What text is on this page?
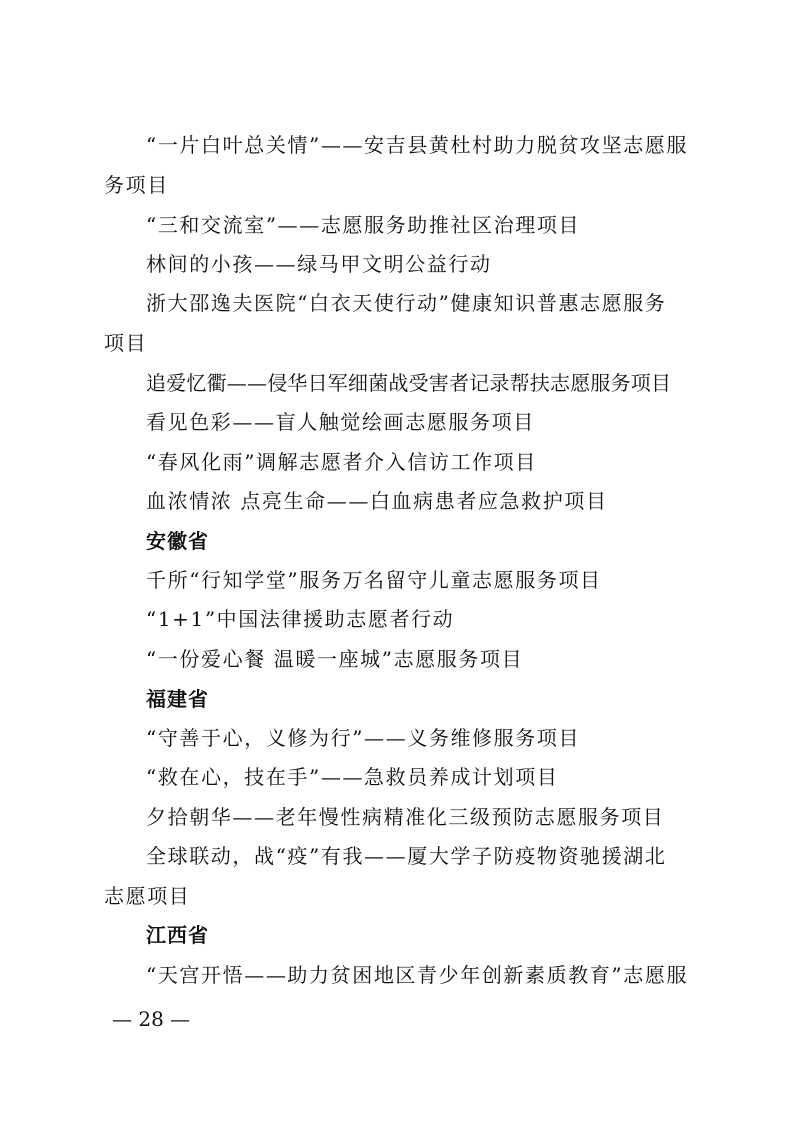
“一片白叶总关情”——安吉县黄杜村助力脱贫攻坚志愿服
务项目
“三和交流室”——志愿服务助推社区治理项目
林间的小孩——绿马甲文明公益行动
浙大邵逸夫医院“白衣天使行动”健康知识普惠志愿服务
项目
追爱忆衢——侵华日军细菌战受害者记录帮扶志愿服务项目
看见色彩——盲人触觉绘画志愿服务项目
“春风化雨”调解志愿者介入信访工作项目
血浓情浓 点亮生命——白血病患者应急救护项目
安徽省
千所“行知学堂”服务万名留守儿童志愿服务项目
“1+1”中国法律援助志愿者行动
“一份爱心餐 温暖一座城”志愿服务项目
福建省
“守善于心，义修为行”——义务维修服务项目
“救在心，技在手”——急救员养成计划项目
夕拾朝华——老年慢性病精准化三级预防志愿服务项目
全球联动，战“疫”有我——厦大学子防疫物资驰援湖北
志愿项目
江西省
“天宫开悟——助力贫困地区青少年创新素质教育”志愿服
— 28 —
